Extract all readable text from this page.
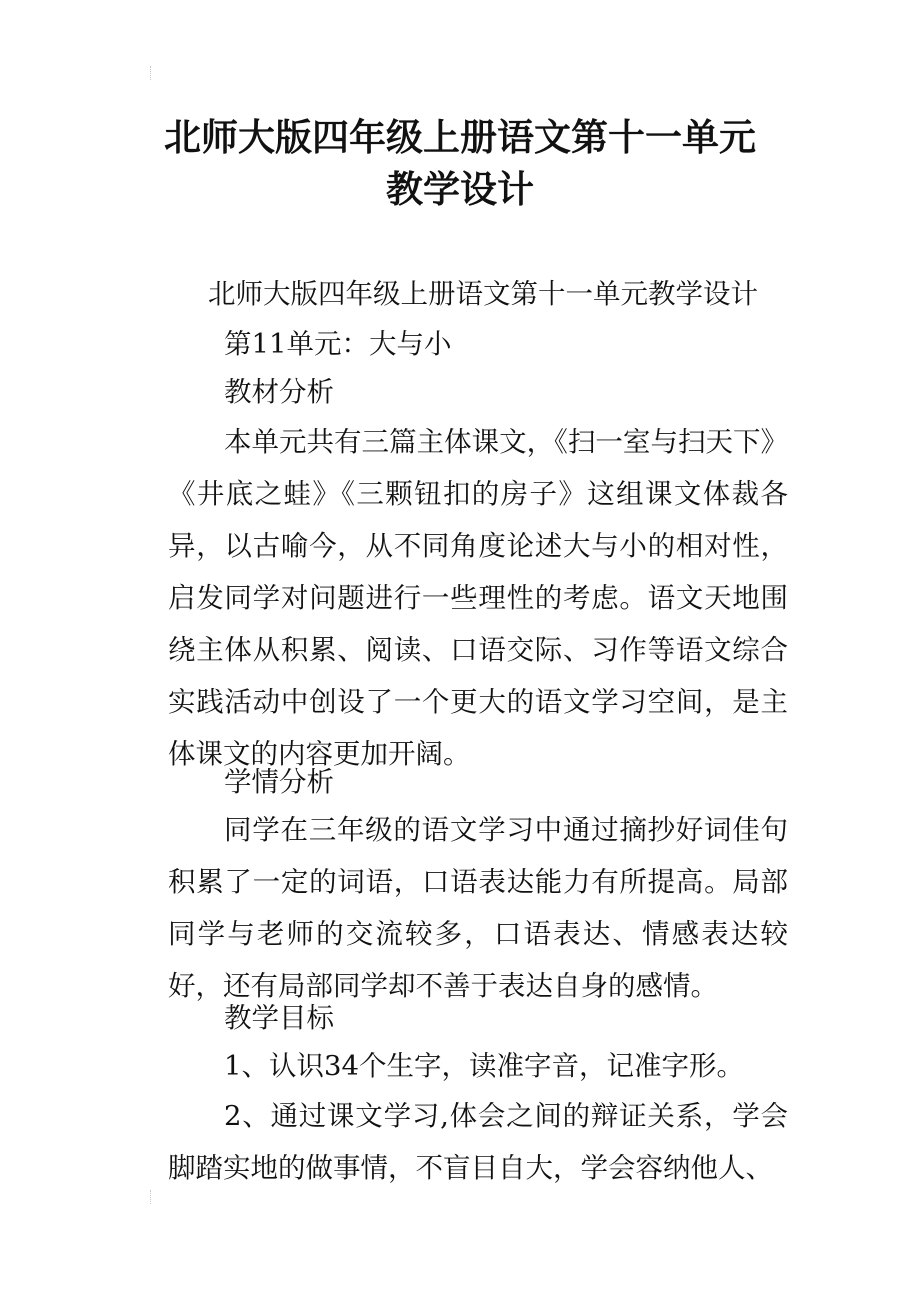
北师大版四年级上册语文第十一单元
教学设计
北师大版四年级上册语文第十一单元教学设计
第11单元：大与小
教材分析

本单元共有三篇主体课文，《扫一室与扫天下》《井底之蛙》《三颗钮扣的房子》这组课文体裁各异，以古喻今，从不同角度论述大与小的相对性，启发同学对问题进行一些理性的考虑。语文天地围绕主体从积累、阅读、口语交际、习作等语文综合实践活动中创设了一个更大的语文学习空间，是主体课文的内容更加开阔。

学情分析

同学在三年级的语文学习中通过摘抄好词佳句积累了一定的词语，口语表达能力有所提高。局部同学与老师的交流较多，口语表达、情感表达较好，还有局部同学却不善于表达自身的感情。

教学目标
1、认识34个生字，读准字音，记准字形。

2、通过课文学习,体会之间的辩证关系，学会脚踏实地的做事情，不盲目自大，学会容纳他人、
